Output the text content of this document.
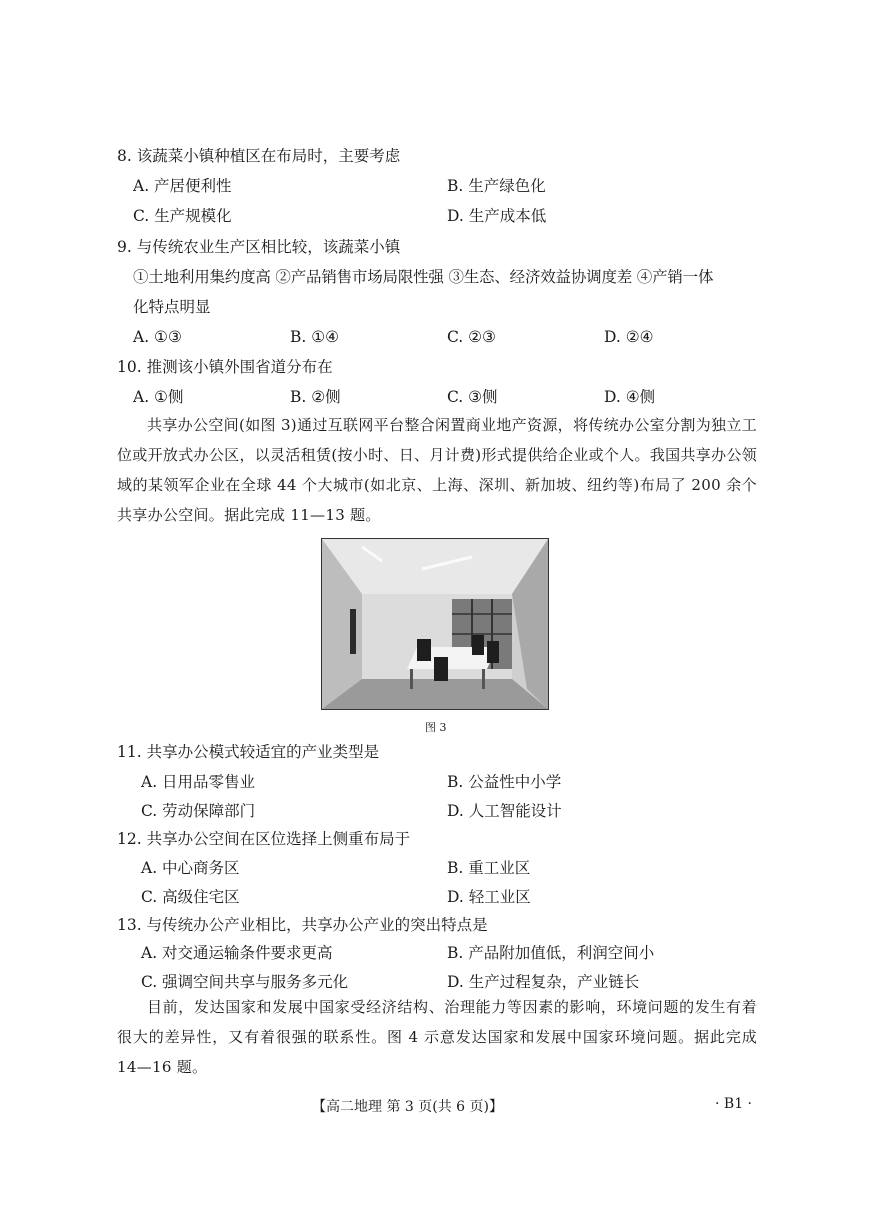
8. 该蔬菜小镇种植区在布局时，主要考虑
A. 产居便利性	B. 生产绿色化
C. 生产规模化	D. 生产成本低
9. 与传统农业生产区相比较，该蔬菜小镇
①土地利用集约度高 ②产品销售市场局限性强 ③生态、经济效益协调度差 ④产销一体
化特点明显
A. ①③	B. ①④	C. ②③	D. ②④
10. 推测该小镇外围省道分布在
A. ①侧	B. ②侧	C. ③侧	D. ④侧

共享办公空间(如图 3)通过互联网平台整合闲置商业地产资源，将传统办公室分割为独立工位或开放式办公区，以灵活租赁(按小时、日、月计费)形式提供给企业或个人。我国共享办公领域的某领军企业在全球 44 个大城市(如北京、上海、深圳、新加坡、纽约等)布局了 200 余个共享办公空间。据此完成 11—13 题。

图 3
11. 共享办公模式较适宜的产业类型是
A. 日用品零售业	B. 公益性中小学
C. 劳动保障部门	D. 人工智能设计
12. 共享办公空间在区位选择上侧重布局于
A. 中心商务区	B. 重工业区
C. 高级住宅区	D. 轻工业区
13. 与传统办公产业相比，共享办公产业的突出特点是
A. 对交通运输条件要求更高	B. 产品附加值低，利润空间小
C. 强调空间共享与服务多元化	D. 生产过程复杂，产业链长

目前，发达国家和发展中国家受经济结构、治理能力等因素的影响，环境问题的发生有着很大的差异性，又有着很强的联系性。图 4 示意发达国家和发展中国家环境问题。据此完成 14—16 题。

【高二地理 第 3 页(共 6 页)】	· B1 ·
